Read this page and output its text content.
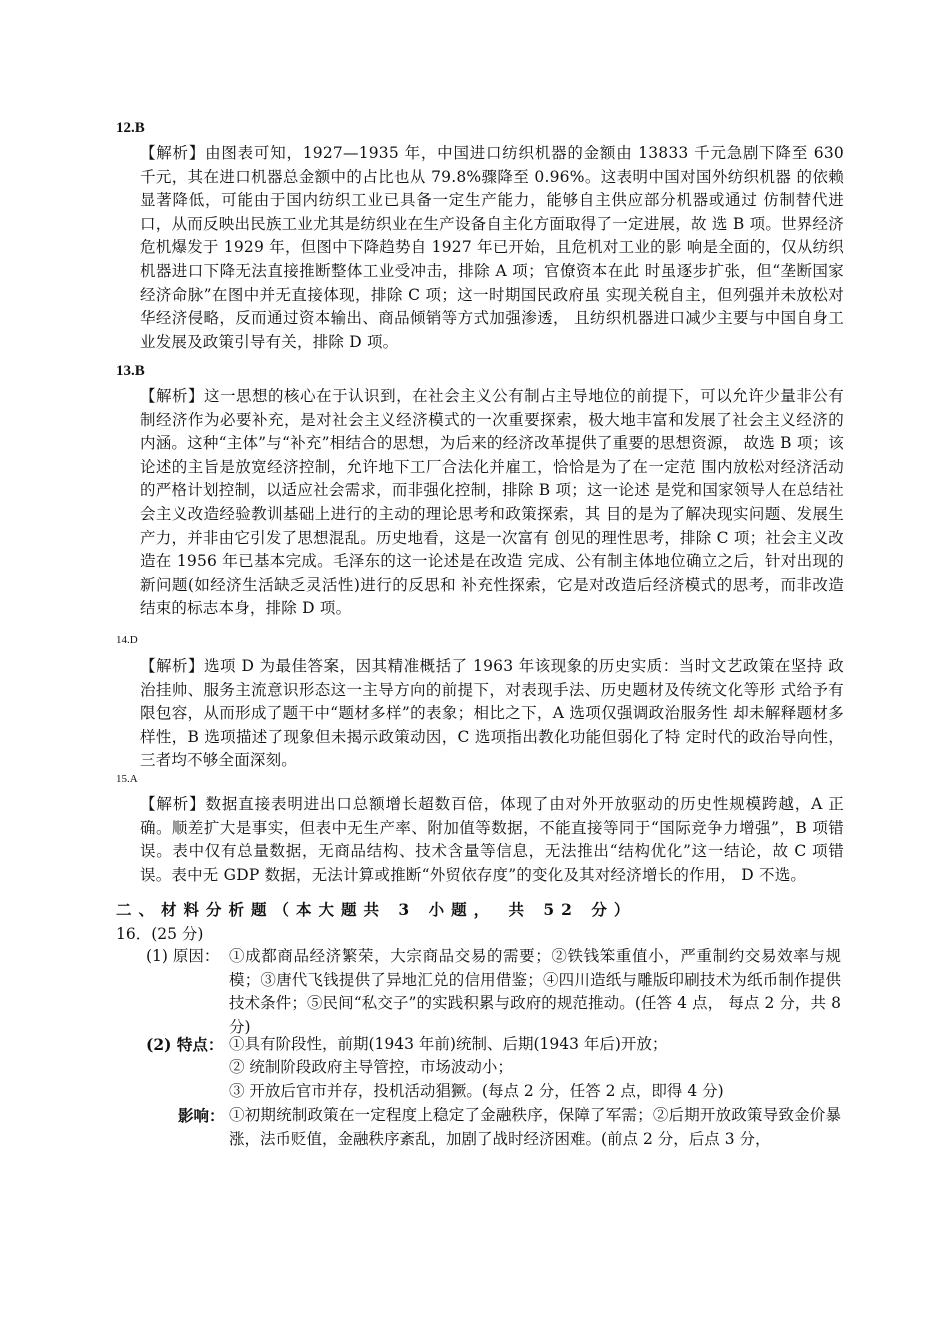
12.B
【解析】由图表可知，1927—1935 年，中国进口纺织机器的金额由 13833 千元急剧下降至 630 千元，其在进口机器总金额中的占比也从 79.8%骤降至 0.96%。这表明中国对国外纺织机器 的依赖显著降低，可能由于国内纺织工业已具备一定生产能力，能够自主供应部分机器或通过 仿制替代进口，从而反映出民族工业尤其是纺织业在生产设备自主化方面取得了一定进展，故 选 B 项。世界经济危机爆发于 1929 年，但图中下降趋势自 1927 年已开始，且危机对工业的影 响是全面的，仅从纺织机器进口下降无法直接推断整体工业受冲击，排除 A 项；官僚资本在此 时虽逐步扩张，但“垄断国家经济命脉”在图中并无直接体现，排除 C 项；这一时期国民政府虽 实现关税自主，但列强并未放松对华经济侵略，反而通过资本输出、商品倾销等方式加强渗透， 且纺织机器进口减少主要与中国自身工业发展及政策引导有关，排除 D 项。
13.B
【解析】这一思想的核心在于认识到，在社会主义公有制占主导地位的前提下，可以允许少量非公有制经济作为必要补充，是对社会主义经济模式的一次重要探索，极大地丰富和发展了社会主义经济的内涵。这种“主体”与“补充”相结合的思想，为后来的经济改革提供了重要的思想资源， 故选 B 项；该论述的主旨是放宽经济控制，允许地下工厂合法化并雇工，恰恰是为了在一定范 围内放松对经济活动的严格计划控制，以适应社会需求，而非强化控制，排除 B 项；这一论述 是党和国家领导人在总结社会主义改造经验教训基础上进行的主动的理论思考和政策探索，其 目的是为了解决现实问题、发展生产力，并非由它引发了思想混乱。历史地看，这是一次富有 创见的理性思考，排除 C 项；社会主义改造在 1956 年已基本完成。毛泽东的这一论述是在改造 完成、公有制主体地位确立之后，针对出现的新问题(如经济生活缺乏灵活性)进行的反思和 补充性探索，它是对改造后经济模式的思考，而非改造结束的标志本身，排除 D 项。
14.D
【解析】选项 D 为最佳答案，因其精准概括了 1963 年该现象的历史实质：当时文艺政策在坚持 政治挂帅、服务主流意识形态这一主导方向的前提下，对表现手法、历史题材及传统文化等形 式给予有限包容，从而形成了题干中“题材多样”的表象；相比之下，A 选项仅强调政治服务性 却未解释题材多样性，B 选项描述了现象但未揭示政策动因，C 选项指出教化功能但弱化了特 定时代的政治导向性，三者均不够全面深刻。
15.A
【解析】数据直接表明进出口总额增长超数百倍，体现了由对外开放驱动的历史性规模跨越，A 正确。顺差扩大是事实，但表中无生产率、附加值等数据，不能直接等同于“国际竞争力增强”，B 项错误。表中仅有总量数据，无商品结构、技术含量等信息，无法推出“结构优化”这一结论，故 C 项错误。表中无 GDP 数据，无法计算或推断“外贸依存度”的变化及其对经济增长的作用， D 不选。
二、材料分析题（本大题共 3 小题， 共 52 分）
16．(25 分)
(1) 原因： ①成都商品经济繁荣，大宗商品交易的需要；②铁钱笨重值小，严重制约交易效率与规模；③唐代飞钱提供了异地汇兑的信用借鉴；④四川造纸与雕版印刷技术为纸币制作提供技术条件；⑤民间“私交子”的实践积累与政府的规范推动。(任答 4 点， 每点 2 分，共 8 分)
(2) 特点： ①具有阶段性，前期(1943 年前)统制、后期(1943 年后)开放；
② 统制阶段政府主导管控，市场波动小；
③ 开放后官市并存，投机活动猖獗。(每点 2 分，任答 2 点，即得 4 分)
影响： ①初期统制政策在一定程度上稳定了金融秩序，保障了军需；②后期开放政策导致金价暴涨，法币贬值，金融秩序紊乱，加剧了战时经济困难。(前点 2 分，后点 3 分，
